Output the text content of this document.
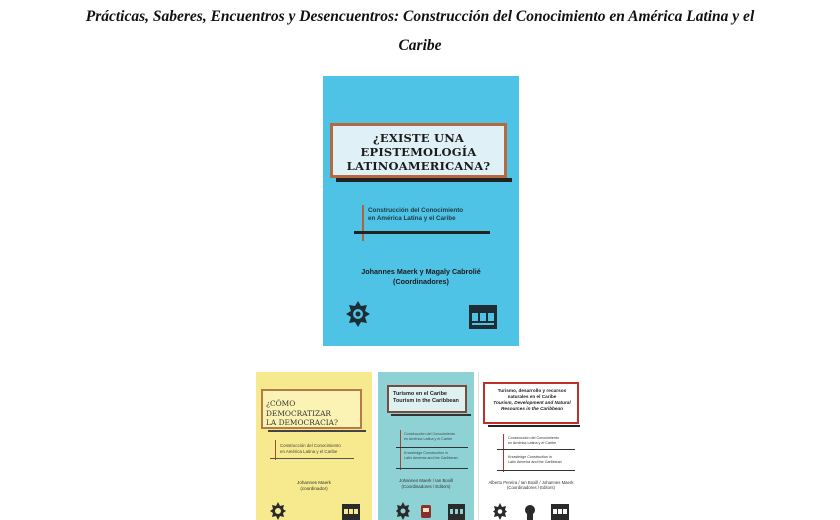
Prácticas, Saberes, Encuentros y Desencuentros: Construcción del Conocimiento en América Latina y el
Caribe
¿EXISTE UNA
EPISTEMOLOGÍA
LATINOAMERICANA?
Construcción del Conocimiento
en América Latina y el Caribe
Johannes Maerk y Magaly Cabrolié
(Coordinadores)
¿CÓMO DEMOCRATIZAR
LA DEMOCRACIA?
Construcción del Conocimiento
en América Latina y el Caribe
Johannes Maerk
(coordinador)
Turismo en el Caribe
Tourism in the Caribbean
Construcción del Conocimiento
en América Latina y el Caribe
Knowledge Construction in
Latin America and the Caribbean
Johannes Maerk / Ian Boxill
(Coordinadores / Editors)
Turismo, desarrollo y recursos
naturales en el Caribe
Tourism, Development and Natural
Resources in the Caribbean
Construcción del Conocimiento
en América Latina y el Caribe
Knowledge Construction in
Latin America and the Caribbean
Alberto Pereira / Ian Boxill / Johannes Maerk
(Coordinadores / Editors)
